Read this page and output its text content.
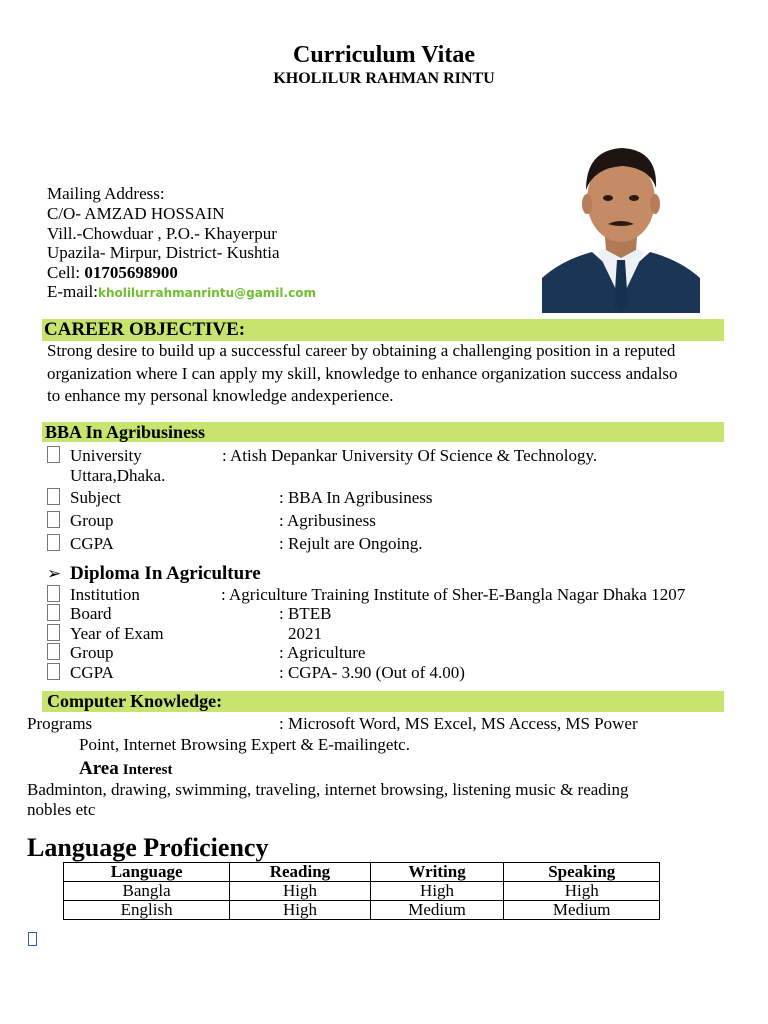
Curriculum Vitae
KHOLILUR RAHMAN RINTU
Mailing Address:
C/O- AMZAD HOSSAIN
Vill.-Chowduar , P.O.- Khayerpur
Upazila- Mirpur, District- Kushtia
Cell: 01705698900
E-mail:kholilurrahmanrintu@gamil.com
CAREER OBJECTIVE:
Strong desire to build up a successful career by obtaining a challenging position in a reputed
organization where I can apply my skill, knowledge to enhance organization success andalso
to enhance my personal knowledge andexperience.
BBA In Agribusiness
University	: Atish Depankar University Of Science & Technology.
Uttara,Dhaka.
Subject	: BBA In Agribusiness
Group	: Agribusiness
CGPA	: Rejult are Ongoing.
➢ Diploma In Agriculture
Institution	: Agriculture Training Institute of Sher-E-Bangla Nagar Dhaka 1207
Board	: BTEB
Year of Exam	2021
Group	: Agriculture
CGPA	: CGPA- 3.90 (Out of 4.00)
Computer Knowledge:
Programs	: Microsoft Word, MS Excel, MS Access, MS Power
Point, Internet Browsing Expert & E-mailingetc.
Area Interest
Badminton, drawing, swimming, traveling, internet browsing, listening music & reading
nobles etc
Language Proficiency
Language	Reading	Writing	Speaking
Bangla	High	High	High
English	High	Medium	Medium
